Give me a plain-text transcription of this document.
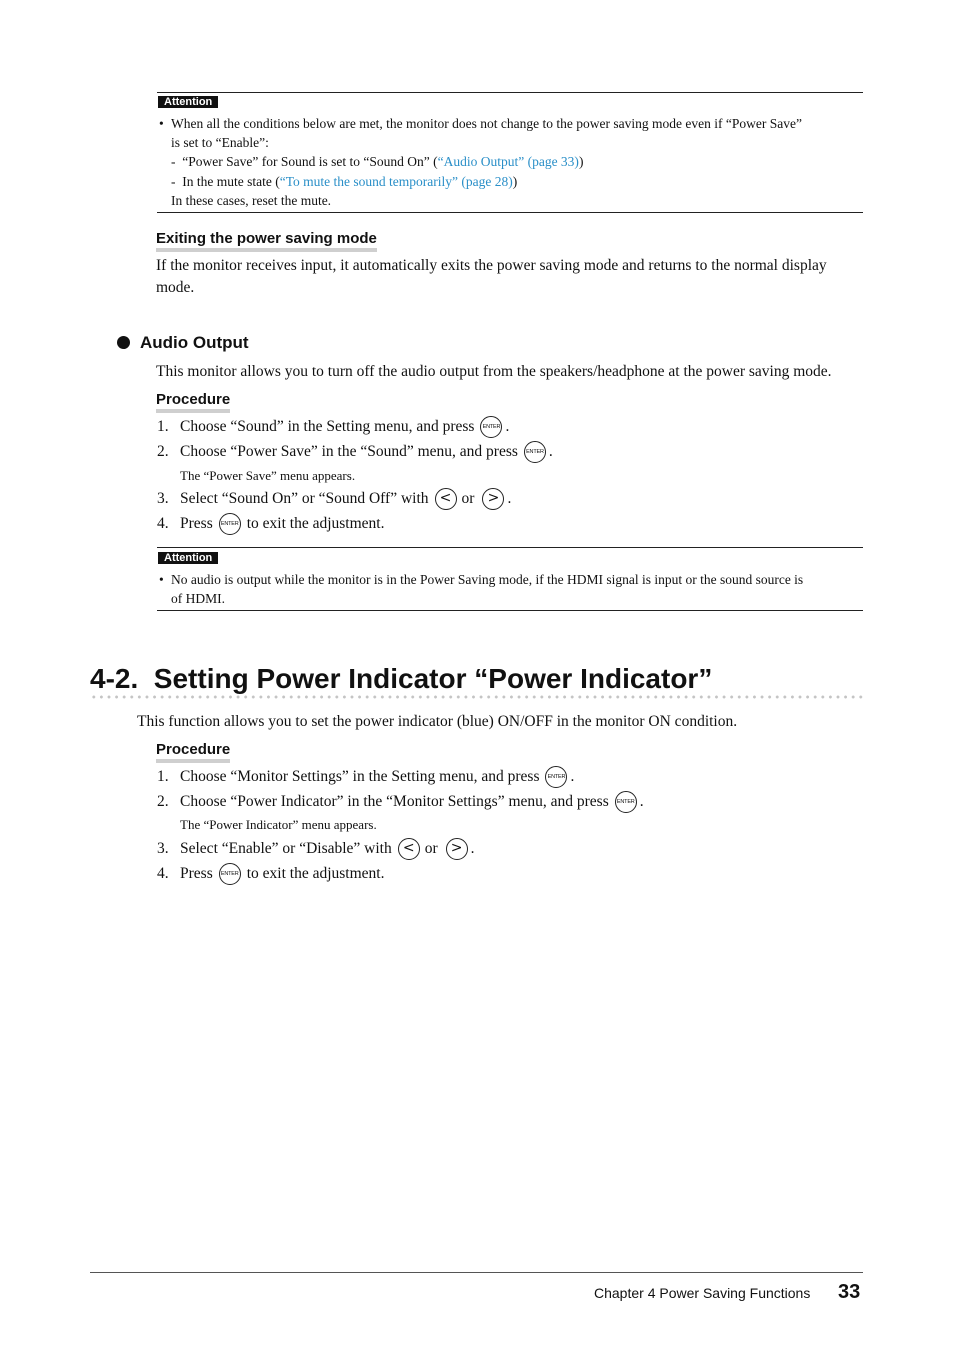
Attention
• When all the conditions below are met, the monitor does not change to the power saving mode even if “Power Save”
is set to “Enable”:
-  “Power Save” for Sound is set to “Sound On” (“Audio Output” (page 33))
-  In the mute state (“To mute the sound temporarily” (page 28))
In these cases, reset the mute.
Exiting the power saving mode
If the monitor receives input, it automatically exits the power saving mode and returns to the normal display
mode.
Audio Output
This monitor allows you to turn off the audio output from the speakers/headphone at the power saving mode.
Procedure
1. Choose “Sound” in the Setting menu, and press ENTER .
2. Choose “Power Save” in the “Sound” menu, and press ENTER .
The “Power Save” menu appears.
3. Select “Sound On” or “Sound Off” with < or > .
4. Press ENTER to exit the adjustment.
Attention
• No audio is output while the monitor is in the Power Saving mode, if the HDMI signal is input or the sound source is
of HDMI.
4-2.  Setting Power Indicator “Power Indicator”
This function allows you to set the power indicator (blue) ON/OFF in the monitor ON condition.
Procedure
1. Choose “Monitor Settings” in the Setting menu, and press ENTER .
2. Choose “Power Indicator” in the “Monitor Settings” menu, and press ENTER .
The “Power Indicator” menu appears.
3. Select “Enable” or “Disable” with < or > .
4. Press ENTER to exit the adjustment.
Chapter 4 Power Saving Functions 33
